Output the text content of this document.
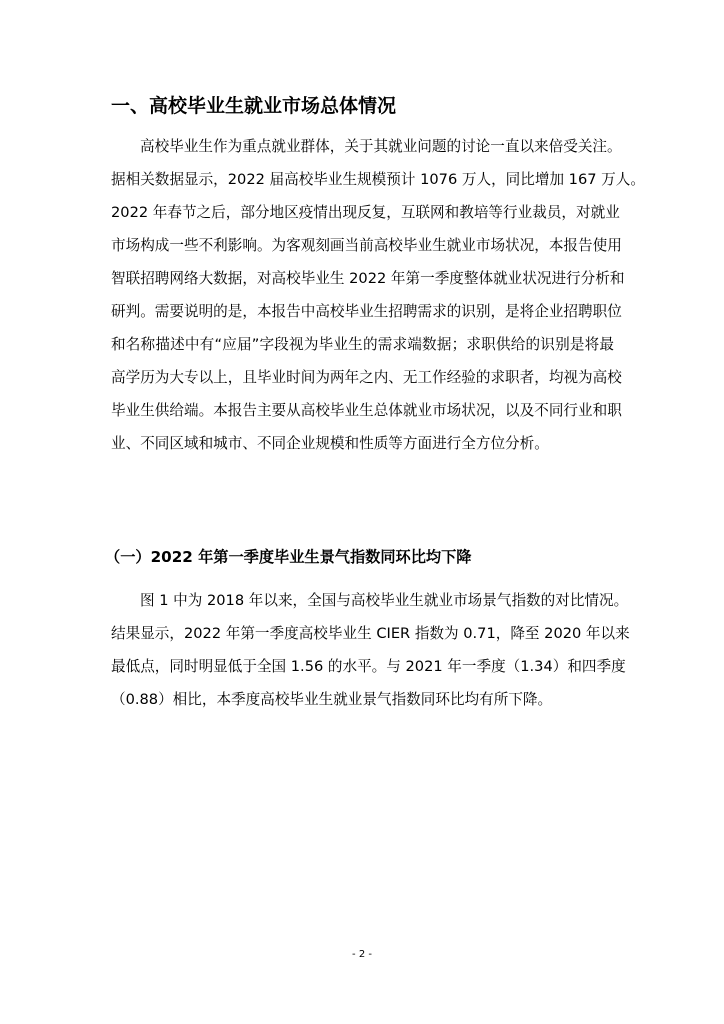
一、高校毕业生就业市场总体情况
高校毕业生作为重点就业群体，关于其就业问题的讨论一直以来倍受关注。
据相关数据显示，2022 届高校毕业生规模预计 1076 万人，同比增加 167 万人。
2022 年春节之后，部分地区疫情出现反复，互联网和教培等行业裁员，对就业
市场构成一些不利影响。为客观刻画当前高校毕业生就业市场状况，本报告使用
智联招聘网络大数据，对高校毕业生 2022 年第一季度整体就业状况进行分析和
研判。需要说明的是，本报告中高校毕业生招聘需求的识别，是将企业招聘职位
和名称描述中有“应届”字段视为毕业生的需求端数据；求职供给的识别是将最
高学历为大专以上，且毕业时间为两年之内、无工作经验的求职者，均视为高校
毕业生供给端。本报告主要从高校毕业生总体就业市场状况，以及不同行业和职
业、不同区域和城市、不同企业规模和性质等方面进行全方位分析。
（一）2022 年第一季度毕业生景气指数同环比均下降
图 1 中为 2018 年以来，全国与高校毕业生就业市场景气指数的对比情况。
结果显示，2022 年第一季度高校毕业生 CIER 指数为 0.71，降至 2020 年以来
最低点，同时明显低于全国 1.56 的水平。与 2021 年一季度（1.34）和四季度
（0.88）相比，本季度高校毕业生就业景气指数同环比均有所下降。
- 2 -
